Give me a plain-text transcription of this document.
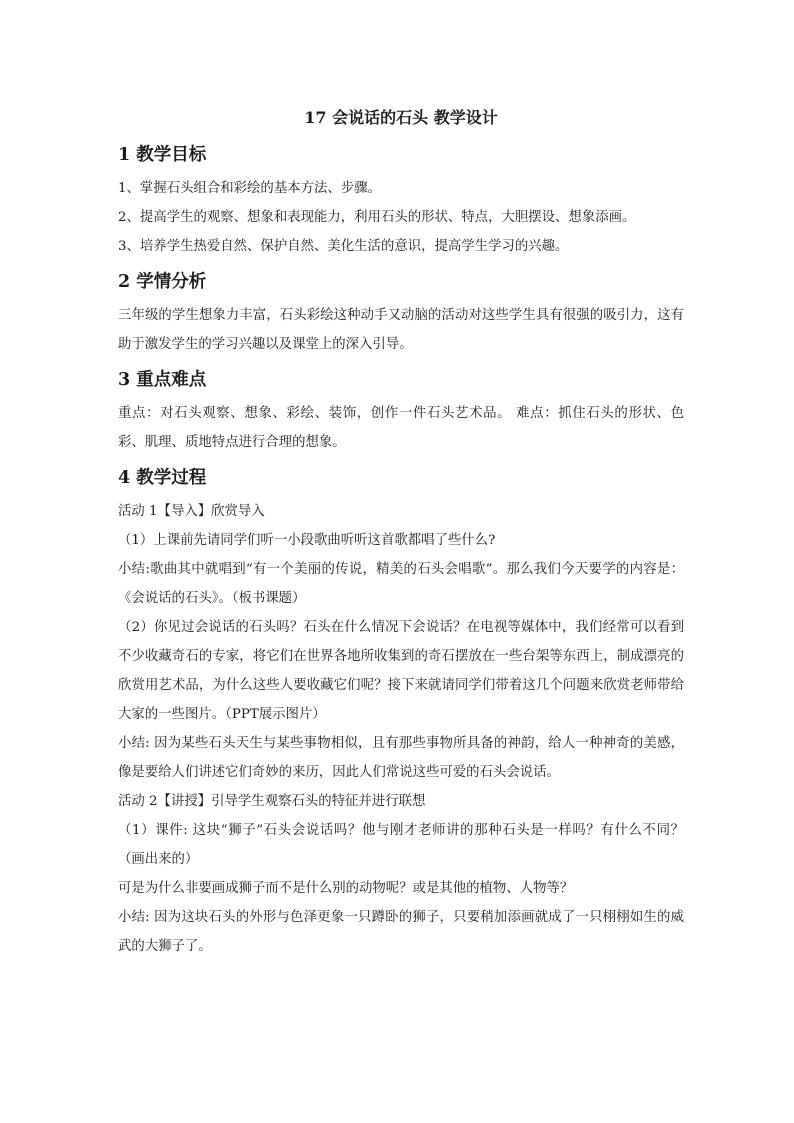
17 会说话的石头 教学设计
1 教学目标

1、掌握石头组合和彩绘的基本方法、步骤。

2、提高学生的观察、想象和表现能力，利用石头的形状、特点，大胆摆设、想象添画。

3、培养学生热爱自然、保护自然、美化生活的意识，提高学生学习的兴趣。

2 学情分析

三年级的学生想象力丰富，石头彩绘这种动手又动脑的活动对这些学生具有很强的吸引力，这有助于激发学生的学习兴趣以及课堂上的深入引导。

3 重点难点

重点：对石头观察、想象、彩绘、装饰，创作一件石头艺术品。 难点：抓住石头的形状、色彩、肌理、质地特点进行合理的想象。

4 教学过程

活动 1【导入】欣赏导入

（1）上课前先请同学们听一小段歌曲听听这首歌都唱了些什么?

小结:歌曲其中就唱到“有一个美丽的传说，精美的石头会唱歌”。那么我们今天要学的内容是：《会说话的石头》。（板书课题）

（2）你见过会说话的石头吗？石头在什么情况下会说话？在电视等媒体中，我们经常可以看到不少收藏奇石的专家，将它们在世界各地所收集到的奇石摆放在一些台架等东西上，制成漂亮的欣赏用艺术品，为什么这些人要收藏它们呢？接下来就请同学们带着这几个问题来欣赏老师带给大家的一些图片。（PPT展示图片）

小结: 因为某些石头天生与某些事物相似，且有那些事物所具备的神韵，给人一种神奇的美感，像是要给人们讲述它们奇妙的来历，因此人们常说这些可爱的石头会说话。

活动 2【讲授】引导学生观察石头的特征并进行联想

（1）课件: 这块“狮子”石头会说话吗？他与刚才老师讲的那种石头是一样吗？有什么不同？（画出来的）

可是为什么非要画成狮子而不是什么别的动物呢？或是其他的植物、人物等？

小结: 因为这块石头的外形与色泽更象一只蹲卧的狮子，只要稍加添画就成了一只栩栩如生的威武的大狮子了。
